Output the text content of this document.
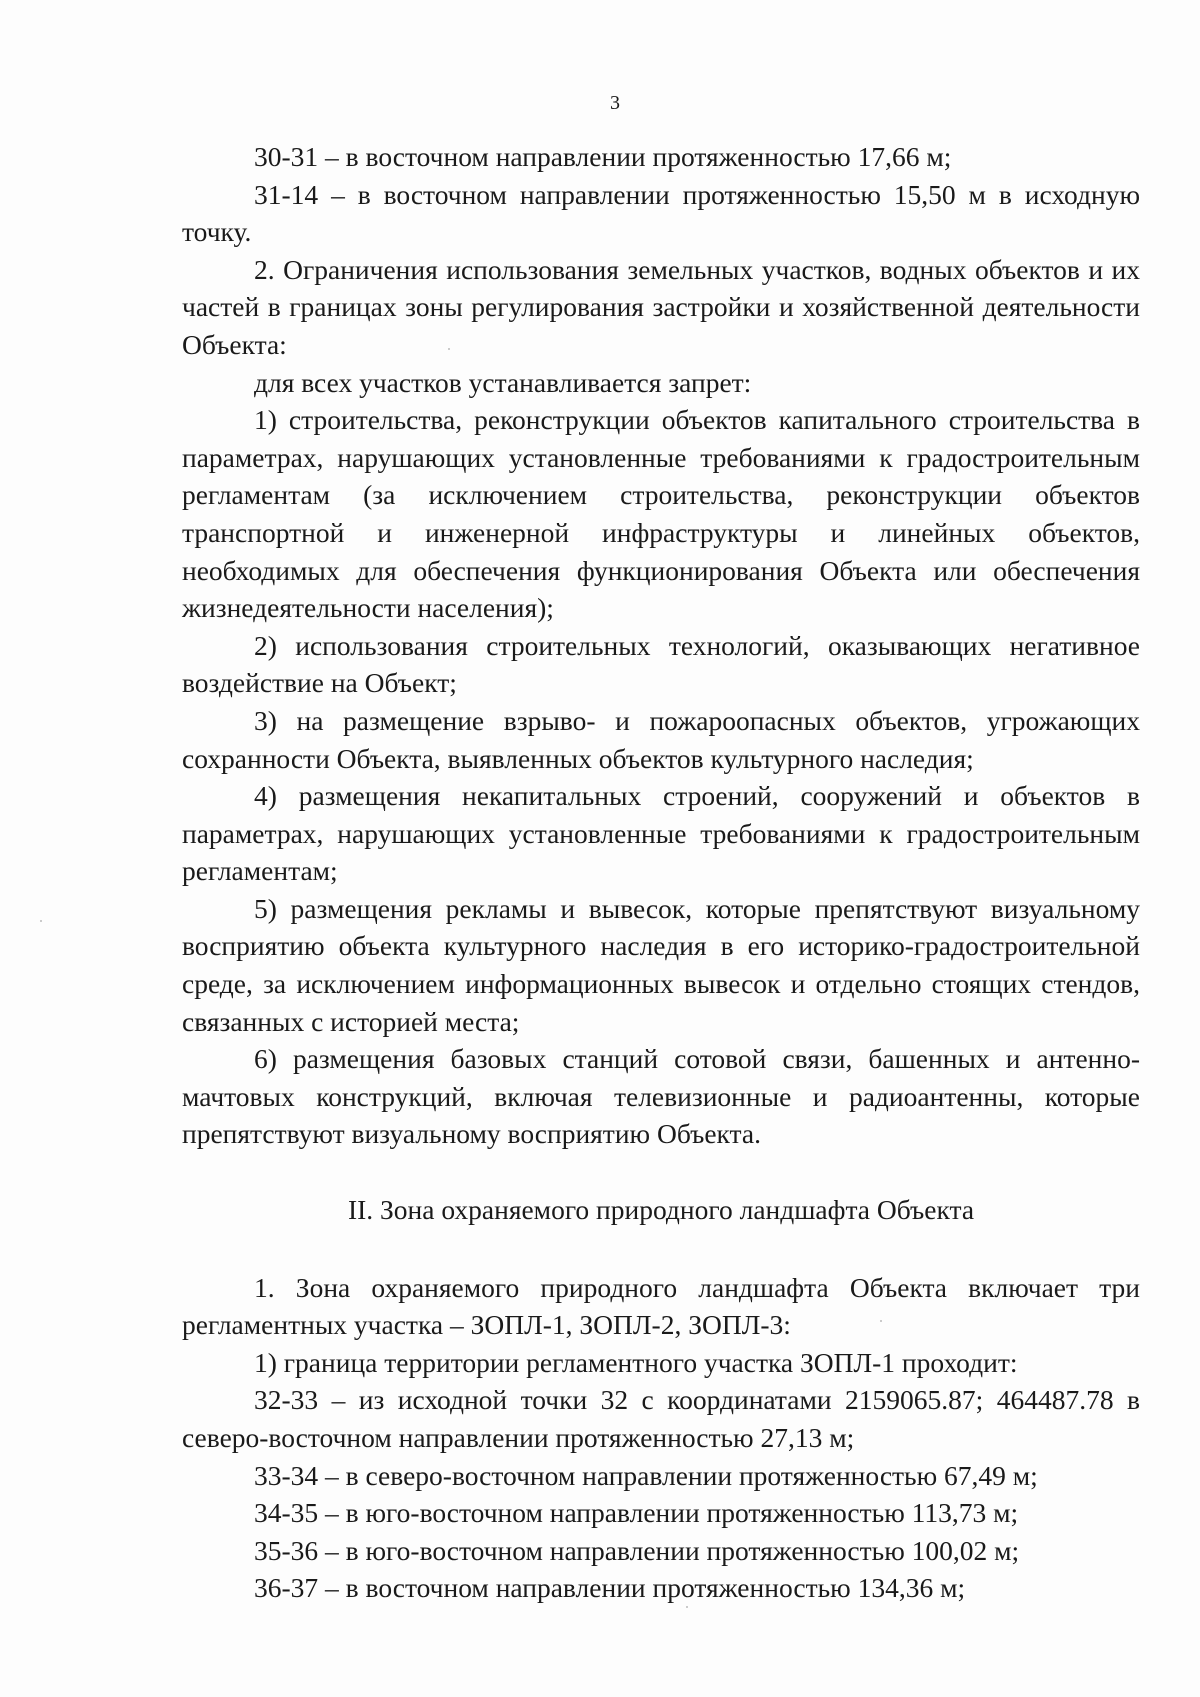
3

30-31 – в восточном направлении протяженностью 17,66 м;

31-14 – в восточном направлении протяженностью 15,50 м в исходную точку.

2. Ограничения использования земельных участков, водных объектов и их частей в границах зоны регулирования застройки и хозяйственной деятельности Объекта:

для всех участков устанавливается запрет:

1) строительства, реконструкции объектов капитального строительства в параметрах, нарушающих установленные требованиями к градостроительным регламентам (за исключением строительства, реконструкции объектов транспортной и инженерной инфраструктуры и линейных объектов, необходимых для обеспечения функционирования Объекта или обеспечения жизнедеятельности населения);

2) использования строительных технологий, оказывающих негативное воздействие на Объект;

3) на размещение взрыво- и пожароопасных объектов, угрожающих сохранности Объекта, выявленных объектов культурного наследия;

4) размещения некапитальных строений, сооружений и объектов в параметрах, нарушающих установленные требованиями к градостроительным регламентам;

5) размещения рекламы и вывесок, которые препятствуют визуальному восприятию объекта культурного наследия в его историко-градостроительной среде, за исключением информационных вывесок и отдельно стоящих стендов, связанных с историей места;

6) размещения базовых станций сотовой связи, башенных и антенно-мачтовых конструкций, включая телевизионные и радиоантенны, которые препятствуют визуальному восприятию Объекта.

II. Зона охраняемого природного ландшафта Объекта

1. Зона охраняемого природного ландшафта Объекта включает три регламентных участка – ЗОПЛ-1, ЗОПЛ-2, ЗОПЛ-3:

1) граница территории регламентного участка ЗОПЛ-1 проходит:

32-33 – из исходной точки 32 с координатами 2159065.87; 464487.78 в северо-восточном направлении протяженностью 27,13 м;

33-34 – в северо-восточном направлении протяженностью 67,49 м;

34-35 – в юго-восточном направлении протяженностью 113,73 м;

35-36 – в юго-восточном направлении протяженностью 100,02 м;

36-37 – в восточном направлении протяженностью 134,36 м;
